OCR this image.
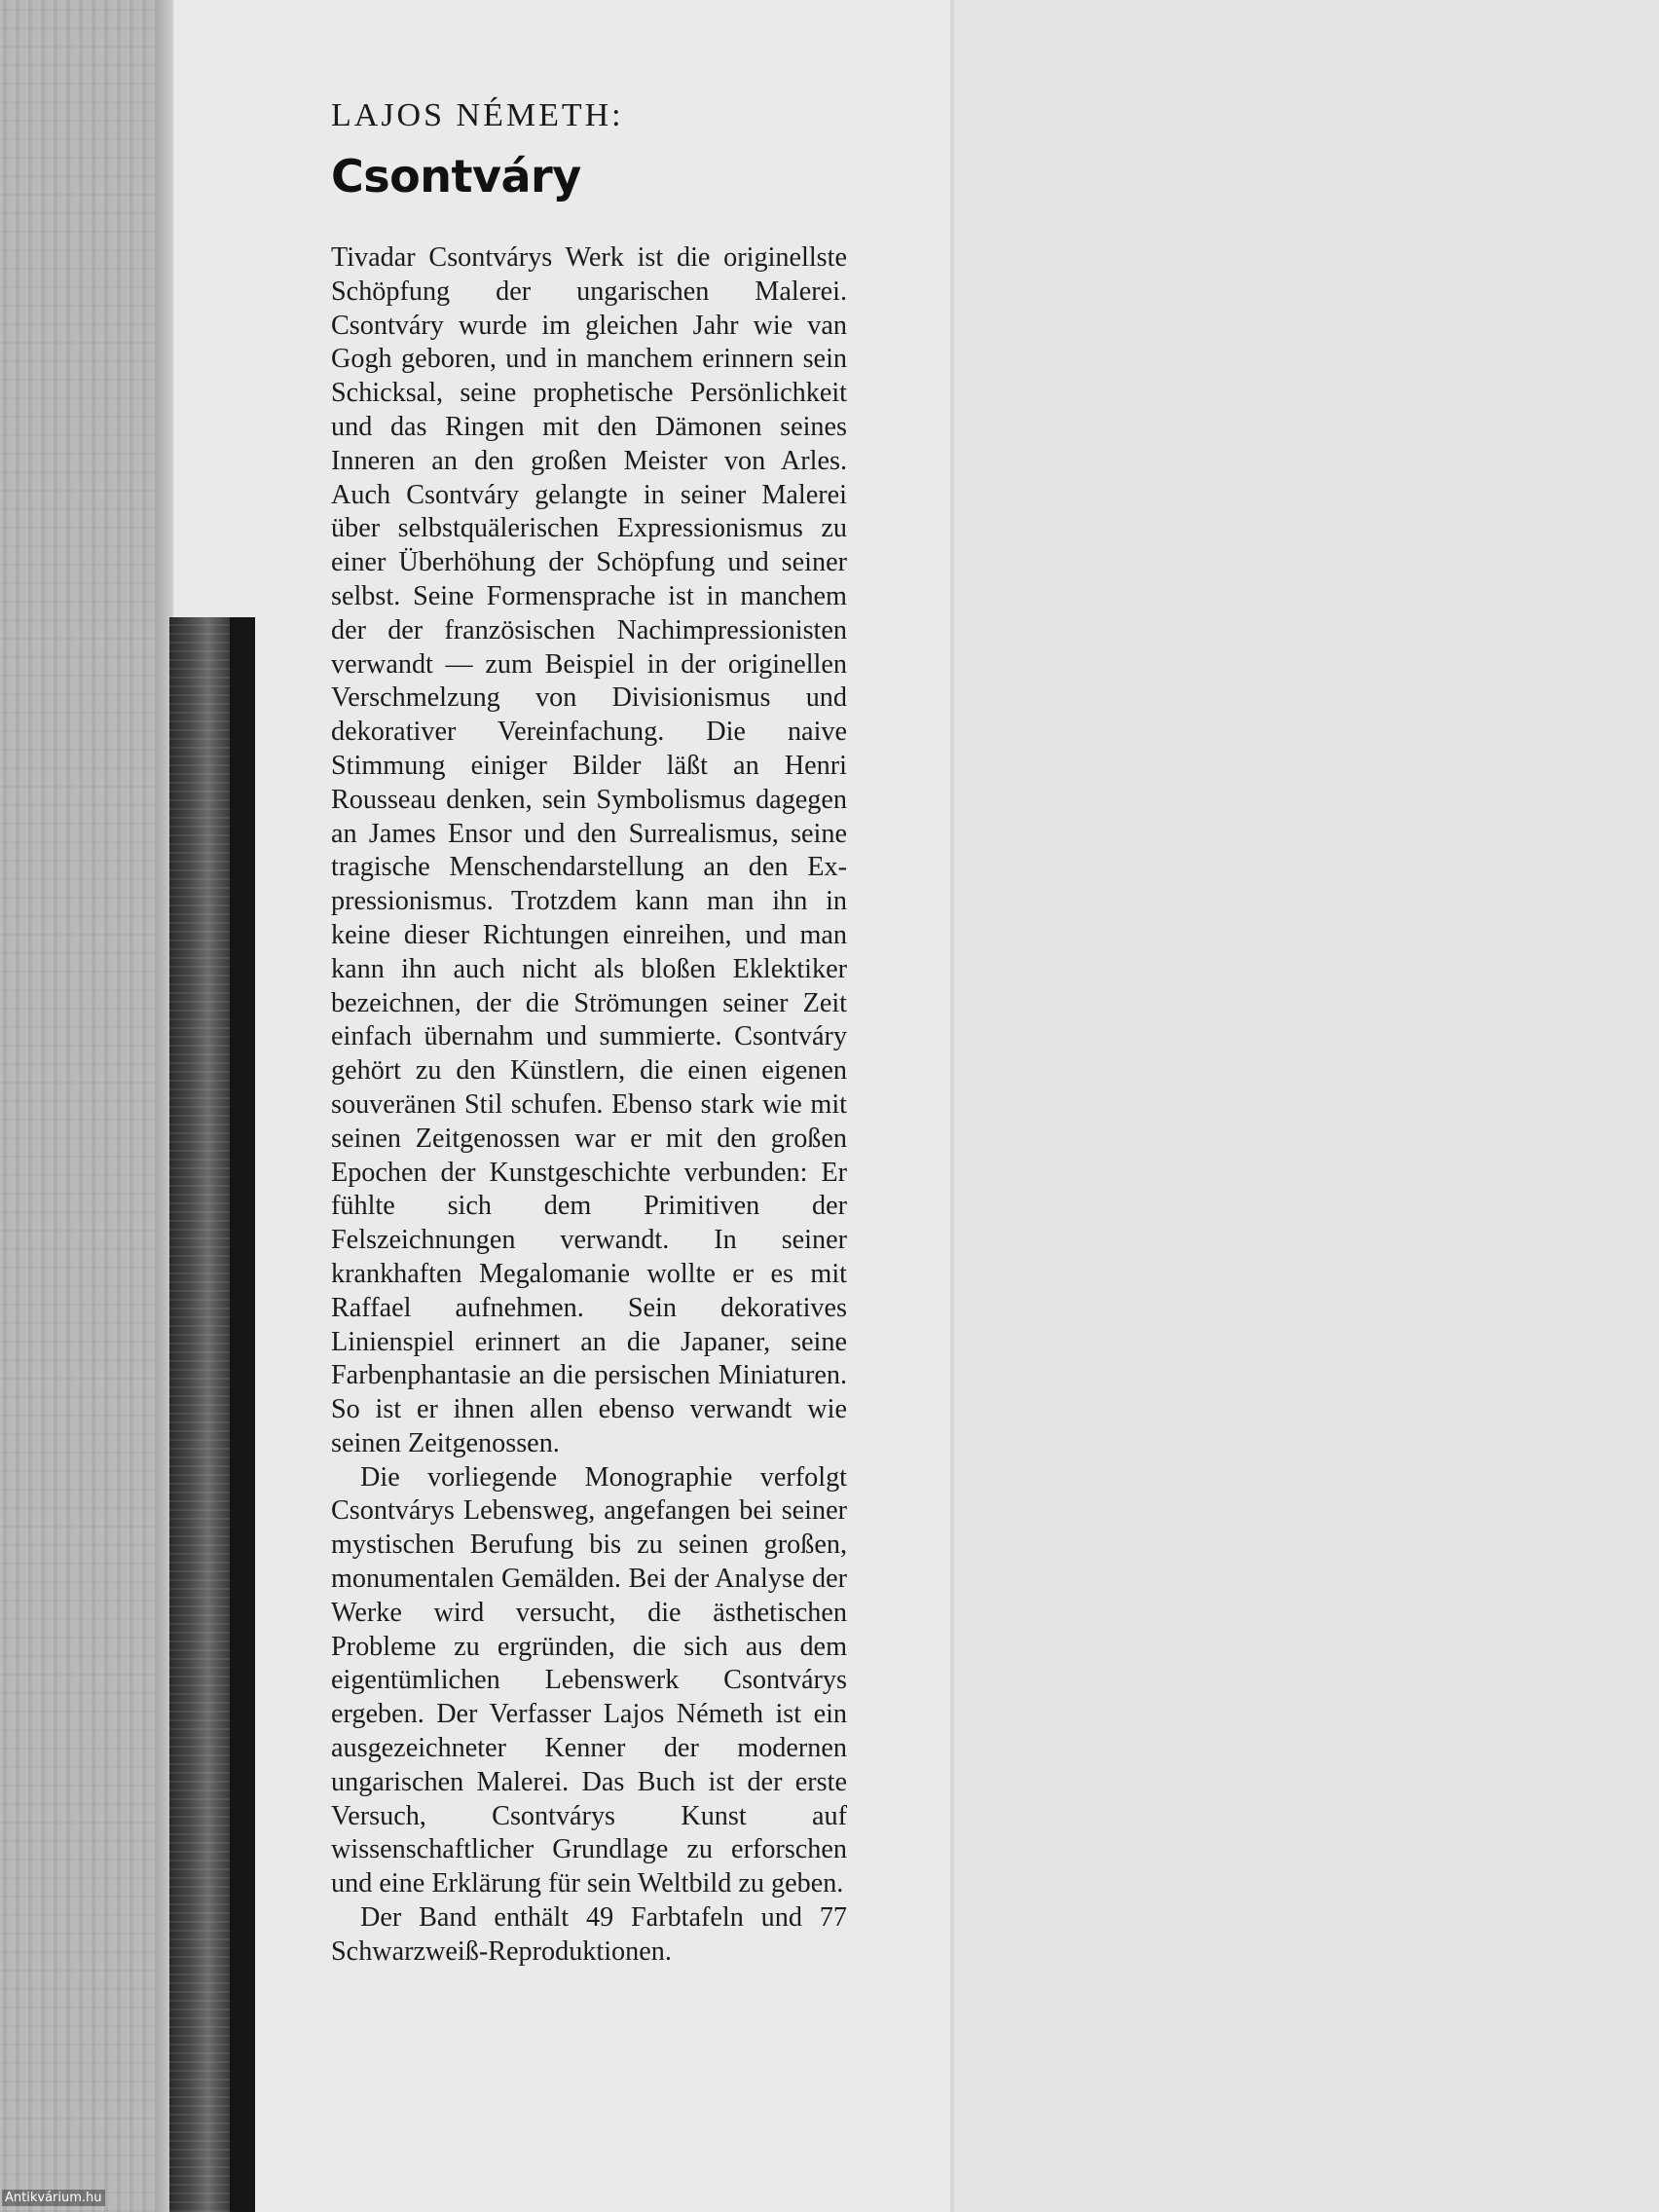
LAJOS NÉMETH:
Csontváry

Tivadar Csontvárys Werk ist die originellste Schöpfung der ungarischen Malerei. Csontváry wurde im gleichen Jahr wie van Gogh geboren, und in manchem erinnern sein Schicksal, seine prophetische Persönlichkeit und das Ringen mit den Dämonen seines Inneren an den großen Meister von Arles. Auch Csontváry gelangte in seiner Malerei über selbstquälerischen Expressionismus zu einer Überhöhung der Schöpfung und seiner selbst. Seine Formensprache ist in manchem der der französischen Nachimpressionisten verwandt — zum Beispiel in der originellen Verschmelzung von Divisionismus und dekorativer Vereinfachung. Die naive Stimmung einiger Bilder läßt an Henri Rousseau denken, sein Symbolismus dagegen an James Ensor und den Surrealismus, seine tragische Menschendarstellung an den Expressionismus. Trotzdem kann man ihn in keine dieser Richtungen einreihen, und man kann ihn auch nicht als bloßen Eklektiker bezeichnen, der die Strömungen seiner Zeit einfach übernahm und summierte. Csontváry gehört zu den Künstlern, die einen eigenen souveränen Stil schufen. Ebenso stark wie mit seinen Zeitgenossen war er mit den großen Epochen der Kunstgeschichte verbunden: Er fühlte sich dem Primitiven der Felszeichnungen verwandt. In seiner krankhaften Megalomanie wollte er es mit Raffael aufnehmen. Sein dekoratives Linienspiel erinnert an die Japaner, seine Farbenphantasie an die persischen Miniaturen. So ist er ihnen allen ebenso verwandt wie seinen Zeitgenossen.

Die vorliegende Monographie verfolgt Csontvárys Lebensweg, angefangen bei seiner mystischen Berufung bis zu seinen großen, monumentalen Gemälden. Bei der Analyse der Werke wird versucht, die ästhetischen Probleme zu ergründen, die sich aus dem eigentümlichen Lebenswerk Csontvárys ergeben. Der Verfasser Lajos Németh ist ein ausgezeichneter Kenner der modernen ungarischen Malerei. Das Buch ist der erste Versuch, Csontvárys Kunst auf wissenschaftlicher Grundlage zu erforschen und eine Erklärung für sein Weltbild zu geben.

Der Band enthält 49 Farbtafeln und 77 Schwarzweiß-Reproduktionen.

Antikvárium.hu
